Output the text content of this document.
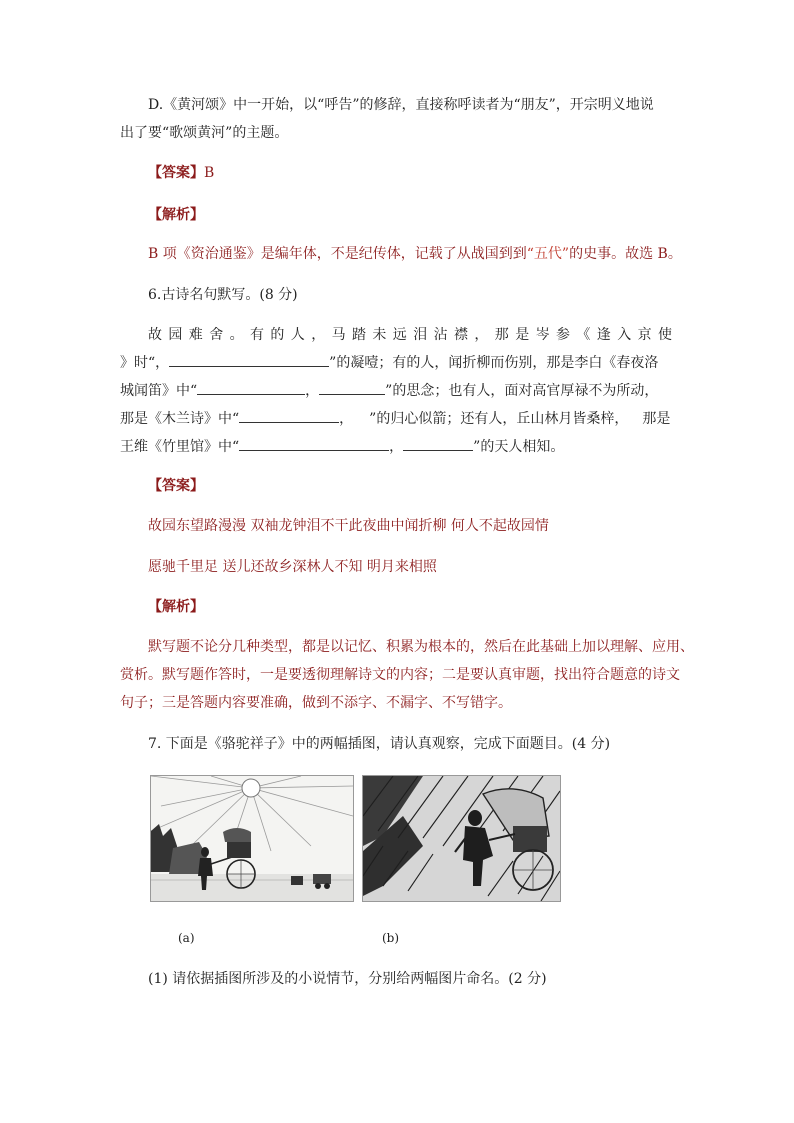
D.《黄河颂》中一开始，以“呼告”的修辞，直接称呼读者为“朋友”，开宗明义地说
出了要“歌颂黄河”的主题。
【答案】B
【解析】
B 项《资治通鉴》是编年体，不是纪传体，记载了从战国到到“五代”的史事。故选 B。
6.古诗名句默写。(8 分)
故园难舍。有的人，马踏未远泪沾襟，那是岑参《逢入京使
》时“，	”的凝噎；有的人，闻折柳而伤别，那是李白《春夜洛
城闻笛》中“	，	”的思念；也有人，面对高官厚禄不为所动，
那是《木兰诗》中“	， ”的归心似箭；还有人，丘山林月皆桑梓， 那是
王维《竹里馆》中“	，	”的天人相知。
【答案】
故园东望路漫漫 双袖龙钟泪不干此夜曲中闻折柳 何人不起故园情
愿驰千里足 送儿还故乡深林人不知 明月来相照
【解析】
默写题不论分几种类型，都是以记忆、积累为根本的，然后在此基础上加以理解、应用、
赏析。默写题作答时，一是要透彻理解诗文的内容；二是要认真审题，找出符合题意的诗文
句子；三是答题内容要准确，做到不添字、不漏字、不写错字。
7. 下面是《骆驼祥子》中的两幅插图，请认真观察，完成下面题目。(4 分)
(a)	(b)
(1) 请依据插图所涉及的小说情节，分别给两幅图片命名。(2 分)
